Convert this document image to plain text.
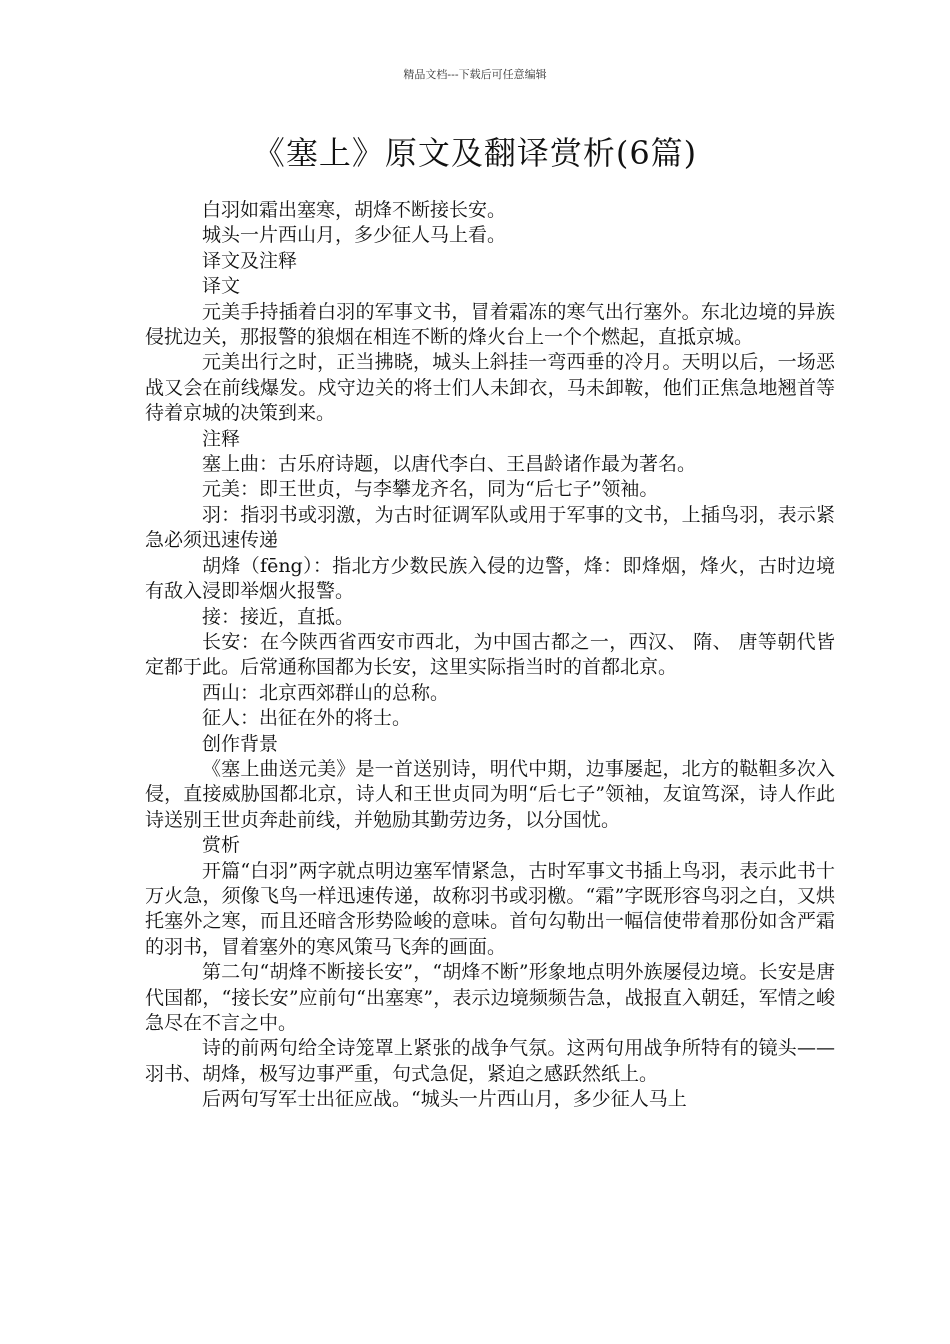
精品文档---下载后可任意编辑
《塞上》原文及翻译赏析(6篇)

白羽如霜出塞寒，胡烽不断接长安。

城头一片西山月，多少征人马上看。

译文及注释

译文

元美手持插着白羽的军事文书，冒着霜冻的寒气出行塞外。东北边境的异族侵扰边关，那报警的狼烟在相连不断的烽火台上一个个燃起，直抵京城。

元美出行之时，正当拂晓，城头上斜挂一弯西垂的冷月。天明以后，一场恶战又会在前线爆发。戍守边关的将士们人未卸衣，马未卸鞍，他们正焦急地翘首等待着京城的决策到来。

注释

塞上曲：古乐府诗题，以唐代李白、王昌龄诸作最为著名。

元美：即王世贞，与李攀龙齐名，同为“后七子”领袖。

羽：指羽书或羽激，为古时征调军队或用于军事的文书，上插鸟羽，表示紧急必须迅速传递

胡烽（fēng）：指北方少数民族入侵的边警，烽：即烽烟，烽火，古时边境有敌入浸即举烟火报警。

接：接近，直抵。

长安：在今陕西省西安市西北，为中国古都之一，西汉、 隋、 唐等朝代皆定都于此。后常通称国都为长安，这里实际指当时的首都北京。

西山：北京西郊群山的总称。

征人：出征在外的将士。

创作背景

《塞上曲送元美》是一首送别诗，明代中期，边事屡起，北方的鞑靼多次入侵，直接威胁国都北京，诗人和王世贞同为明“后七子”领袖，友谊笃深，诗人作此诗送别王世贞奔赴前线，并勉励其勤劳边务，以分国忧。

赏析

开篇“白羽”两字就点明边塞军情紧急，古时军事文书插上鸟羽，表示此书十万火急，须像飞鸟一样迅速传递，故称羽书或羽檄。“霜”字既形容鸟羽之白，又烘托塞外之寒，而且还暗含形势险峻的意味。首句勾勒出一幅信使带着那份如含严霜的羽书，冒着塞外的寒风策马飞奔的画面。

第二句“胡烽不断接长安”，“胡烽不断”形象地点明外族屡侵边境。长安是唐代国都，“接长安”应前句“出塞寒”，表示边境频频告急，战报直入朝廷，军情之峻急尽在不言之中。

诗的前两句给全诗笼罩上紧张的战争气氛。这两句用战争所特有的镜头——羽书、胡烽，极写边事严重，句式急促，紧迫之感跃然纸上。

后两句写军士出征应战。“城头一片西山月，多少征人马上
